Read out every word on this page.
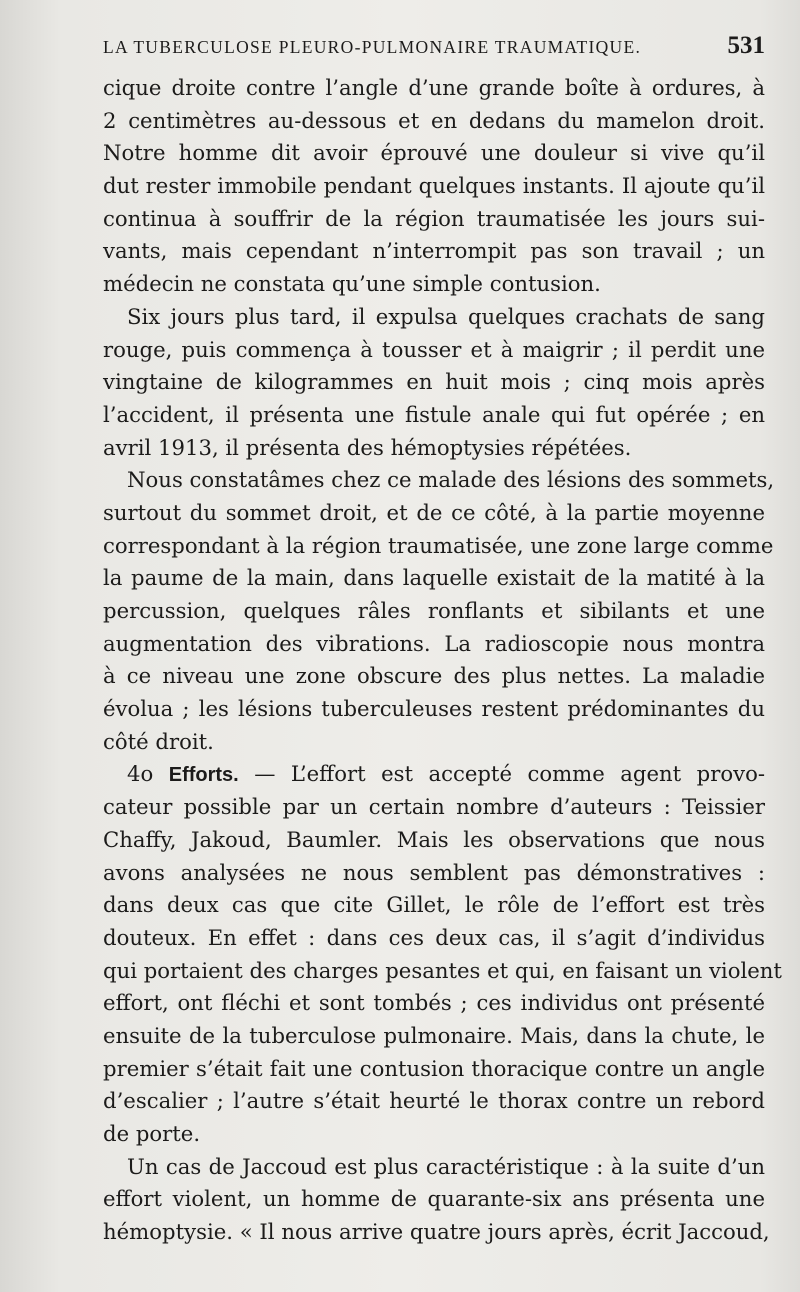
LA TUBERCULOSE PLEURO-PULMONAIRE TRAUMATIQUE.	531
cique droite contre l’angle d’une grande boîte à ordures, à
2 centimètres au-dessous et en dedans du mamelon droit.
Notre homme dit avoir éprouvé une douleur si vive qu’il
dut rester immobile pendant quelques instants. Il ajoute qu’il
continua à souffrir de la région traumatisée les jours sui-
vants, mais cependant n’interrompit pas son travail ; un
médecin ne constata qu’une simple contusion.
Six jours plus tard, il expulsa quelques crachats de sang
rouge, puis commença à tousser et à maigrir ; il perdit une
vingtaine de kilogrammes en huit mois ; cinq mois après
l’accident, il présenta une fistule anale qui fut opérée ; en
avril 1913, il présenta des hémoptysies répétées.
Nous constatâmes chez ce malade des lésions des sommets,
surtout du sommet droit, et de ce côté, à la partie moyenne
correspondant à la région traumatisée, une zone large comme
la paume de la main, dans laquelle existait de la matité à la
percussion, quelques râles ronflants et sibilants et une
augmentation des vibrations. La radioscopie nous montra
à ce niveau une zone obscure des plus nettes. La maladie
évolua ; les lésions tuberculeuses restent prédominantes du
côté droit.
4o Efforts. — L’effort est accepté comme agent provo-
cateur possible par un certain nombre d’auteurs : Teissier
Chaffy, Jakoud, Baumler. Mais les observations que nous
avons analysées ne nous semblent pas démonstratives :
dans deux cas que cite Gillet, le rôle de l’effort est très
douteux. En effet : dans ces deux cas, il s’agit d’individus
qui portaient des charges pesantes et qui, en faisant un violent
effort, ont fléchi et sont tombés ; ces individus ont présenté
ensuite de la tuberculose pulmonaire. Mais, dans la chute, le
premier s’était fait une contusion thoracique contre un angle
d’escalier ; l’autre s’était heurté le thorax contre un rebord
de porte.
Un cas de Jaccoud est plus caractéristique : à la suite d’un
effort violent, un homme de quarante-six ans présenta une
hémoptysie. « Il nous arrive quatre jours après, écrit Jaccoud,
